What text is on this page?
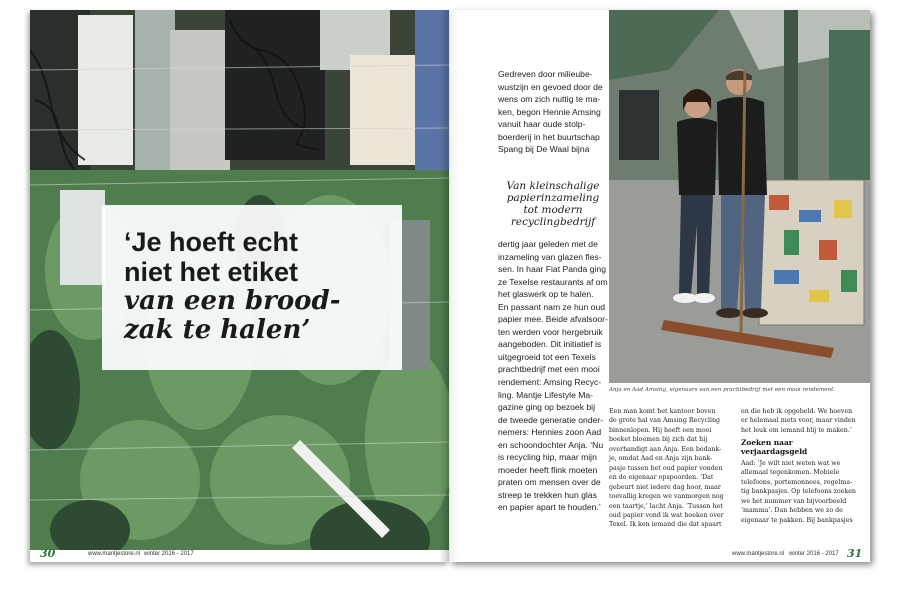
‘Je hoeft echt
niet het etiket
van een brood-
zak te halen’
30	www.mantjestore.nl winter 2016 - 2017
Gedreven door milieube-
wustzijn en gevoed door de
wens om zich nuttig te ma-
ken, begon Hennie Amsing
vanuit haar oude stolp-
boerderij in het buurtschap
Spang bij De Waal bijna
Van kleinschalige
papierinzameling
tot modern
recyclingbedrijf
dertig jaar geleden met de
inzameling van glazen fles-
sen. In haar Fiat Panda ging
ze Texelse restaurants af om
het glaswerk op te halen.
En passant nam ze hun oud
papier mee. Beide afvalsoor-
ten werden voor hergebruik
aangeboden. Dit initiatief is
uitgegroeid tot een Texels
prachtbedrijf met een mooi
rendement: Amsing Recyc-
ling. Mantje Lifestyle Ma-
gazine ging op bezoek bij
de tweede generatie onder-
nemers: Hennies zoon Aad
en schoondochter Anja. ‘Nu
is recycling hip, maar mijn
moeder heeft flink moeten
praten om mensen over de
streep te trekken hun glas
en papier apart te houden.’
Anja en Aad Amsing, eigenaars van een prachtbedrijf met een mooi rendement.
Een man komt het kantoor boven
de grote hal van Amsing Recycling
binnenlopen. Hij heeft een mooi
boeket bloemen bij zich dat hij
overhandigt aan Anja. Een bedank-
je, omdat Aad en Anja zijn bank-
pasje tussen het oud papier vonden
en de eigenaar opspoorden. ‘Dat
gebeurt niet iedere dag hoor, maar
toevallig kregen we vanmorgen nog
een taartje,’ lacht Anja. ‘Tussen het
oud papier vond ik wat boeken over
Texel. Ik ken iemand die dat spaart
en die heb ik opgebeld. We hoeven
er helemaal niets voor, maar vinden
het leuk om iemand blij te maken.’
Zoeken naar
verjaardagsgeld
Aad: ‘Je wilt niet weten wat we
allemaal tegenkomen. Mobiele
telefoons, portemonnees, regelma-
tig bankpasjes. Op telefoons zoeken
we het nummer van bijvoorbeeld
‘mamma’. Dan hebben we zo de
eigenaar te pakken. Bij bankpasjes
www.mantjestore.nl winter 2016 - 2017 31
